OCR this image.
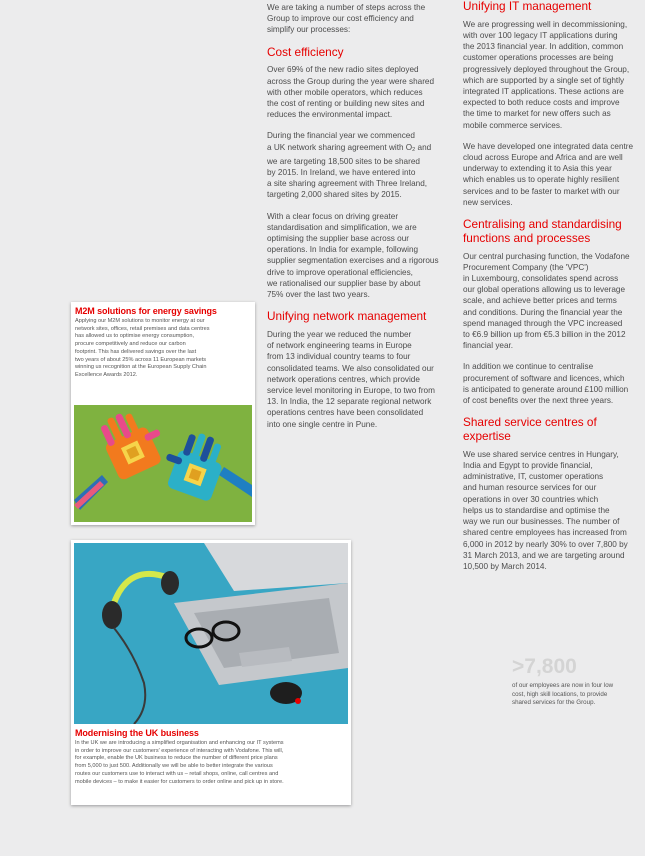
M2M solutions for energy savings
Applying our M2M solutions to monitor energy at our
network sites, offices, retail premises and data centres
has allowed us to optimise energy consumption,
procure competitively and reduce our carbon
footprint. This has delivered savings over the last
two years of about 25% across 11 European markets
winning us recognition at the European Supply Chain
Excellence Awards 2012.
Modernising the UK business
In the UK we are introducing a simplified organisation and enhancing our IT systems
in order to improve our customers' experience of interacting with Vodafone. This will,
for example, enable the UK business to reduce the number of different price plans
from 5,000 to just 500. Additionally we will be able to better integrate the various
routes our customers use to interact with us – retail shops, online, call centres and
mobile devices – to make it easier for customers to order online and pick up in store.

We are taking a number of steps across the
Group to improve our cost efficiency and
simplify our processes:

Cost efficiency

Over 69% of the new radio sites deployed
across the Group during the year were shared
with other mobile operators, which reduces
the cost of renting or building new sites and
reduces the environmental impact.

During the financial year we commenced
a UK network sharing agreement with $O_2$ and
we are targeting 18,500 sites to be shared
by 2015. In Ireland, we have entered into
a site sharing agreement with Three Ireland,
targeting 2,000 shared sites by 2015.

With a clear focus on driving greater
standardisation and simplification, we are
optimising the supplier base across our
operations. In India for example, following
supplier segmentation exercises and a rigorous
drive to improve operational efficiencies,
we rationalised our supplier base by about
75% over the last two years.

Unifying network management

During the year we reduced the number
of network engineering teams in Europe
from 13 individual country teams to four
consolidated teams. We also consolidated our
network operations centres, which provide
service level monitoring in Europe, to two from
13. In India, the 12 separate regional network
operations centres have been consolidated
into one single centre in Pune.

Unifying IT management

We are progressing well in decommissioning,
with over 100 legacy IT applications during
the 2013 financial year. In addition, common
customer operations processes are being
progressively deployed throughout the Group,
which are supported by a single set of tightly
integrated IT applications. These actions are
expected to both reduce costs and improve
the time to market for new offers such as
mobile commerce services.

We have developed one integrated data centre
cloud across Europe and Africa and are well
underway to extending it to Asia this year
which enables us to operate highly resilient
services and to be faster to market with our
new services.

Centralising and standardising
functions and processes

Our central purchasing function, the Vodafone
Procurement Company (the 'VPC')
in Luxembourg, consolidates spend across
our global operations allowing us to leverage
scale, and achieve better prices and terms
and conditions. During the financial year the
spend managed through the VPC increased
to €6.9 billion up from €5.3 billion in the 2012
financial year.

In addition we continue to centralise
procurement of software and licences, which
is anticipated to generate around £100 million
of cost benefits over the next three years.

Shared service centres of expertise

We use shared service centres in Hungary,
India and Egypt to provide financial,
administrative, IT, customer operations
and human resource services for our
operations in over 30 countries which
helps us to standardise and optimise the
way we run our businesses. The number of
shared centre employees has increased from
6,000 in 2012 by nearly 30% to over 7,800 by
31 March 2013, and we are targeting around
10,500 by March 2014.

>7,800
of our employees are now in four low
cost, high skill locations, to provide
shared services for the Group.
